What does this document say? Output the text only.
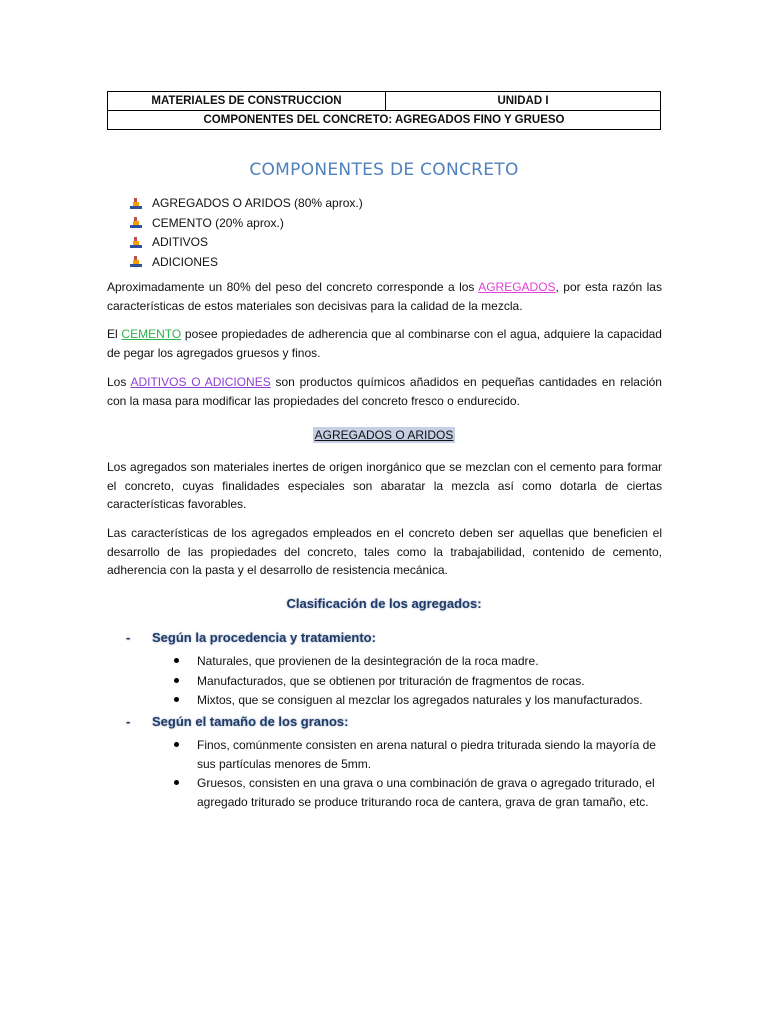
MATERIALES DE CONSTRUCCION	UNIDAD I
COMPONENTES DEL CONCRETO: AGREGADOS FINO Y GRUESO
COMPONENTES DE CONCRETO
AGREGADOS O ARIDOS (80% aprox.)
CEMENTO (20% aprox.)
ADITIVOS
ADICIONES

Aproximadamente un 80% del peso del concreto corresponde a los AGREGADOS, por esta razón las características de estos materiales son decisivas para la calidad de la mezcla.

El CEMENTO posee propiedades de adherencia que al combinarse con el agua, adquiere la capacidad de pegar los agregados gruesos y finos.

Los ADITIVOS O ADICIONES son productos químicos añadidos en pequeñas cantidades en relación con la masa para modificar las propiedades del concreto fresco o endurecido.

AGREGADOS O ARIDOS

Los agregados son materiales inertes de origen inorgánico que se mezclan con el cemento para formar el concreto, cuyas finalidades especiales son abaratar la mezcla así como dotarla de ciertas características favorables.

Las características de los agregados empleados en el concreto deben ser aquellas que beneficien el desarrollo de las propiedades del concreto, tales como la trabajabilidad, contenido de cemento, adherencia con la pasta y el desarrollo de resistencia mecánica.

Clasificación de los agregados:
- Según la procedencia y tratamiento:
Naturales, que provienen de la desintegración de la roca madre.
Manufacturados, que se obtienen por trituración de fragmentos de rocas.
Mixtos, que se consiguen al mezclar los agregados naturales y los manufacturados.
- Según el tamaño de los granos:
Finos, comúnmente consisten en arena natural o piedra triturada siendo la mayoría de sus partículas menores de 5mm.
Gruesos, consisten en una grava o una combinación de grava o agregado triturado, el agregado triturado se produce triturando roca de cantera, grava de gran tamaño, etc.
